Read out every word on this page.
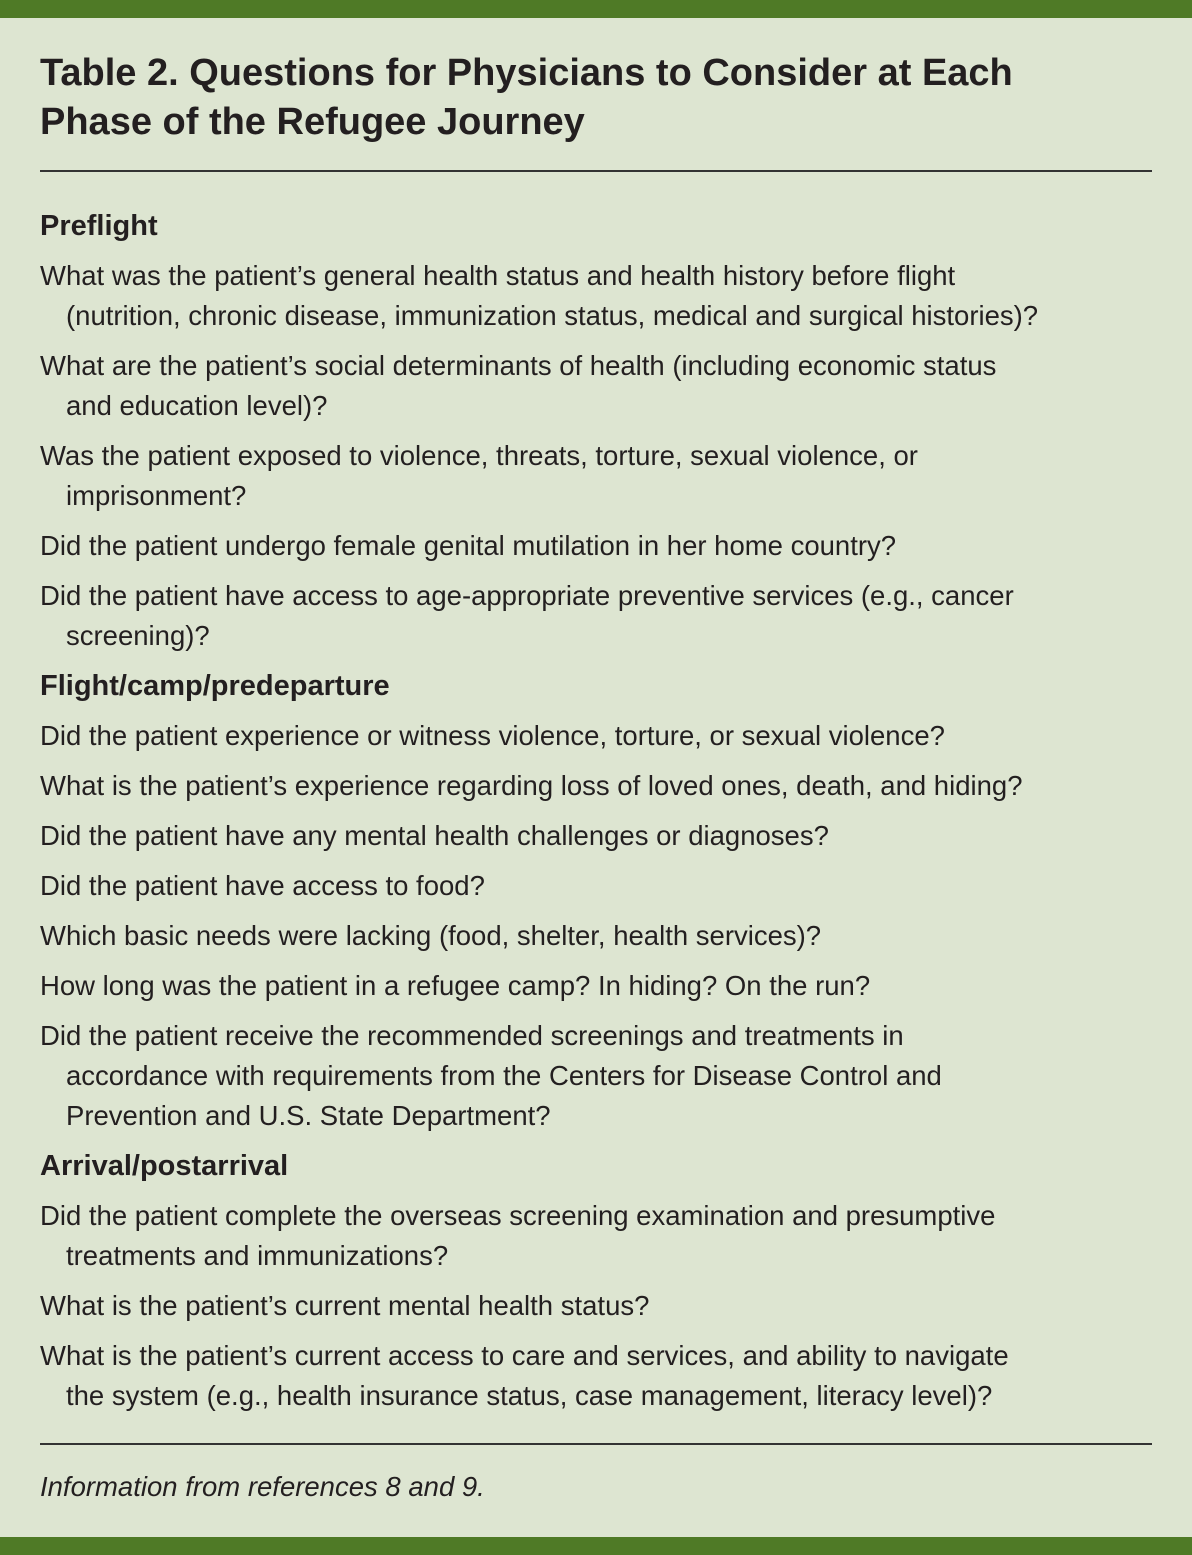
Table 2. Questions for Physicians to Consider at Each
Phase of the Refugee Journey
Preflight
What was the patient’s general health status and health history before flight
(nutrition, chronic disease, immunization status, medical and surgical histories)?
What are the patient’s social determinants of health (including economic status
and education level)?
Was the patient exposed to violence, threats, torture, sexual violence, or
imprisonment?
Did the patient undergo female genital mutilation in her home country?
Did the patient have access to age-appropriate preventive services (e.g., cancer
screening)?
Flight/camp/predeparture
Did the patient experience or witness violence, torture, or sexual violence?
What is the patient’s experience regarding loss of loved ones, death, and hiding?
Did the patient have any mental health challenges or diagnoses?
Did the patient have access to food?
Which basic needs were lacking (food, shelter, health services)?
How long was the patient in a refugee camp? In hiding? On the run?
Did the patient receive the recommended screenings and treatments in
accordance with requirements from the Centers for Disease Control and
Prevention and U.S. State Department?
Arrival/postarrival
Did the patient complete the overseas screening examination and presumptive
treatments and immunizations?
What is the patient’s current mental health status?
What is the patient’s current access to care and services, and ability to navigate
the system (e.g., health insurance status, case management, literacy level)?
Information from references 8 and 9.
